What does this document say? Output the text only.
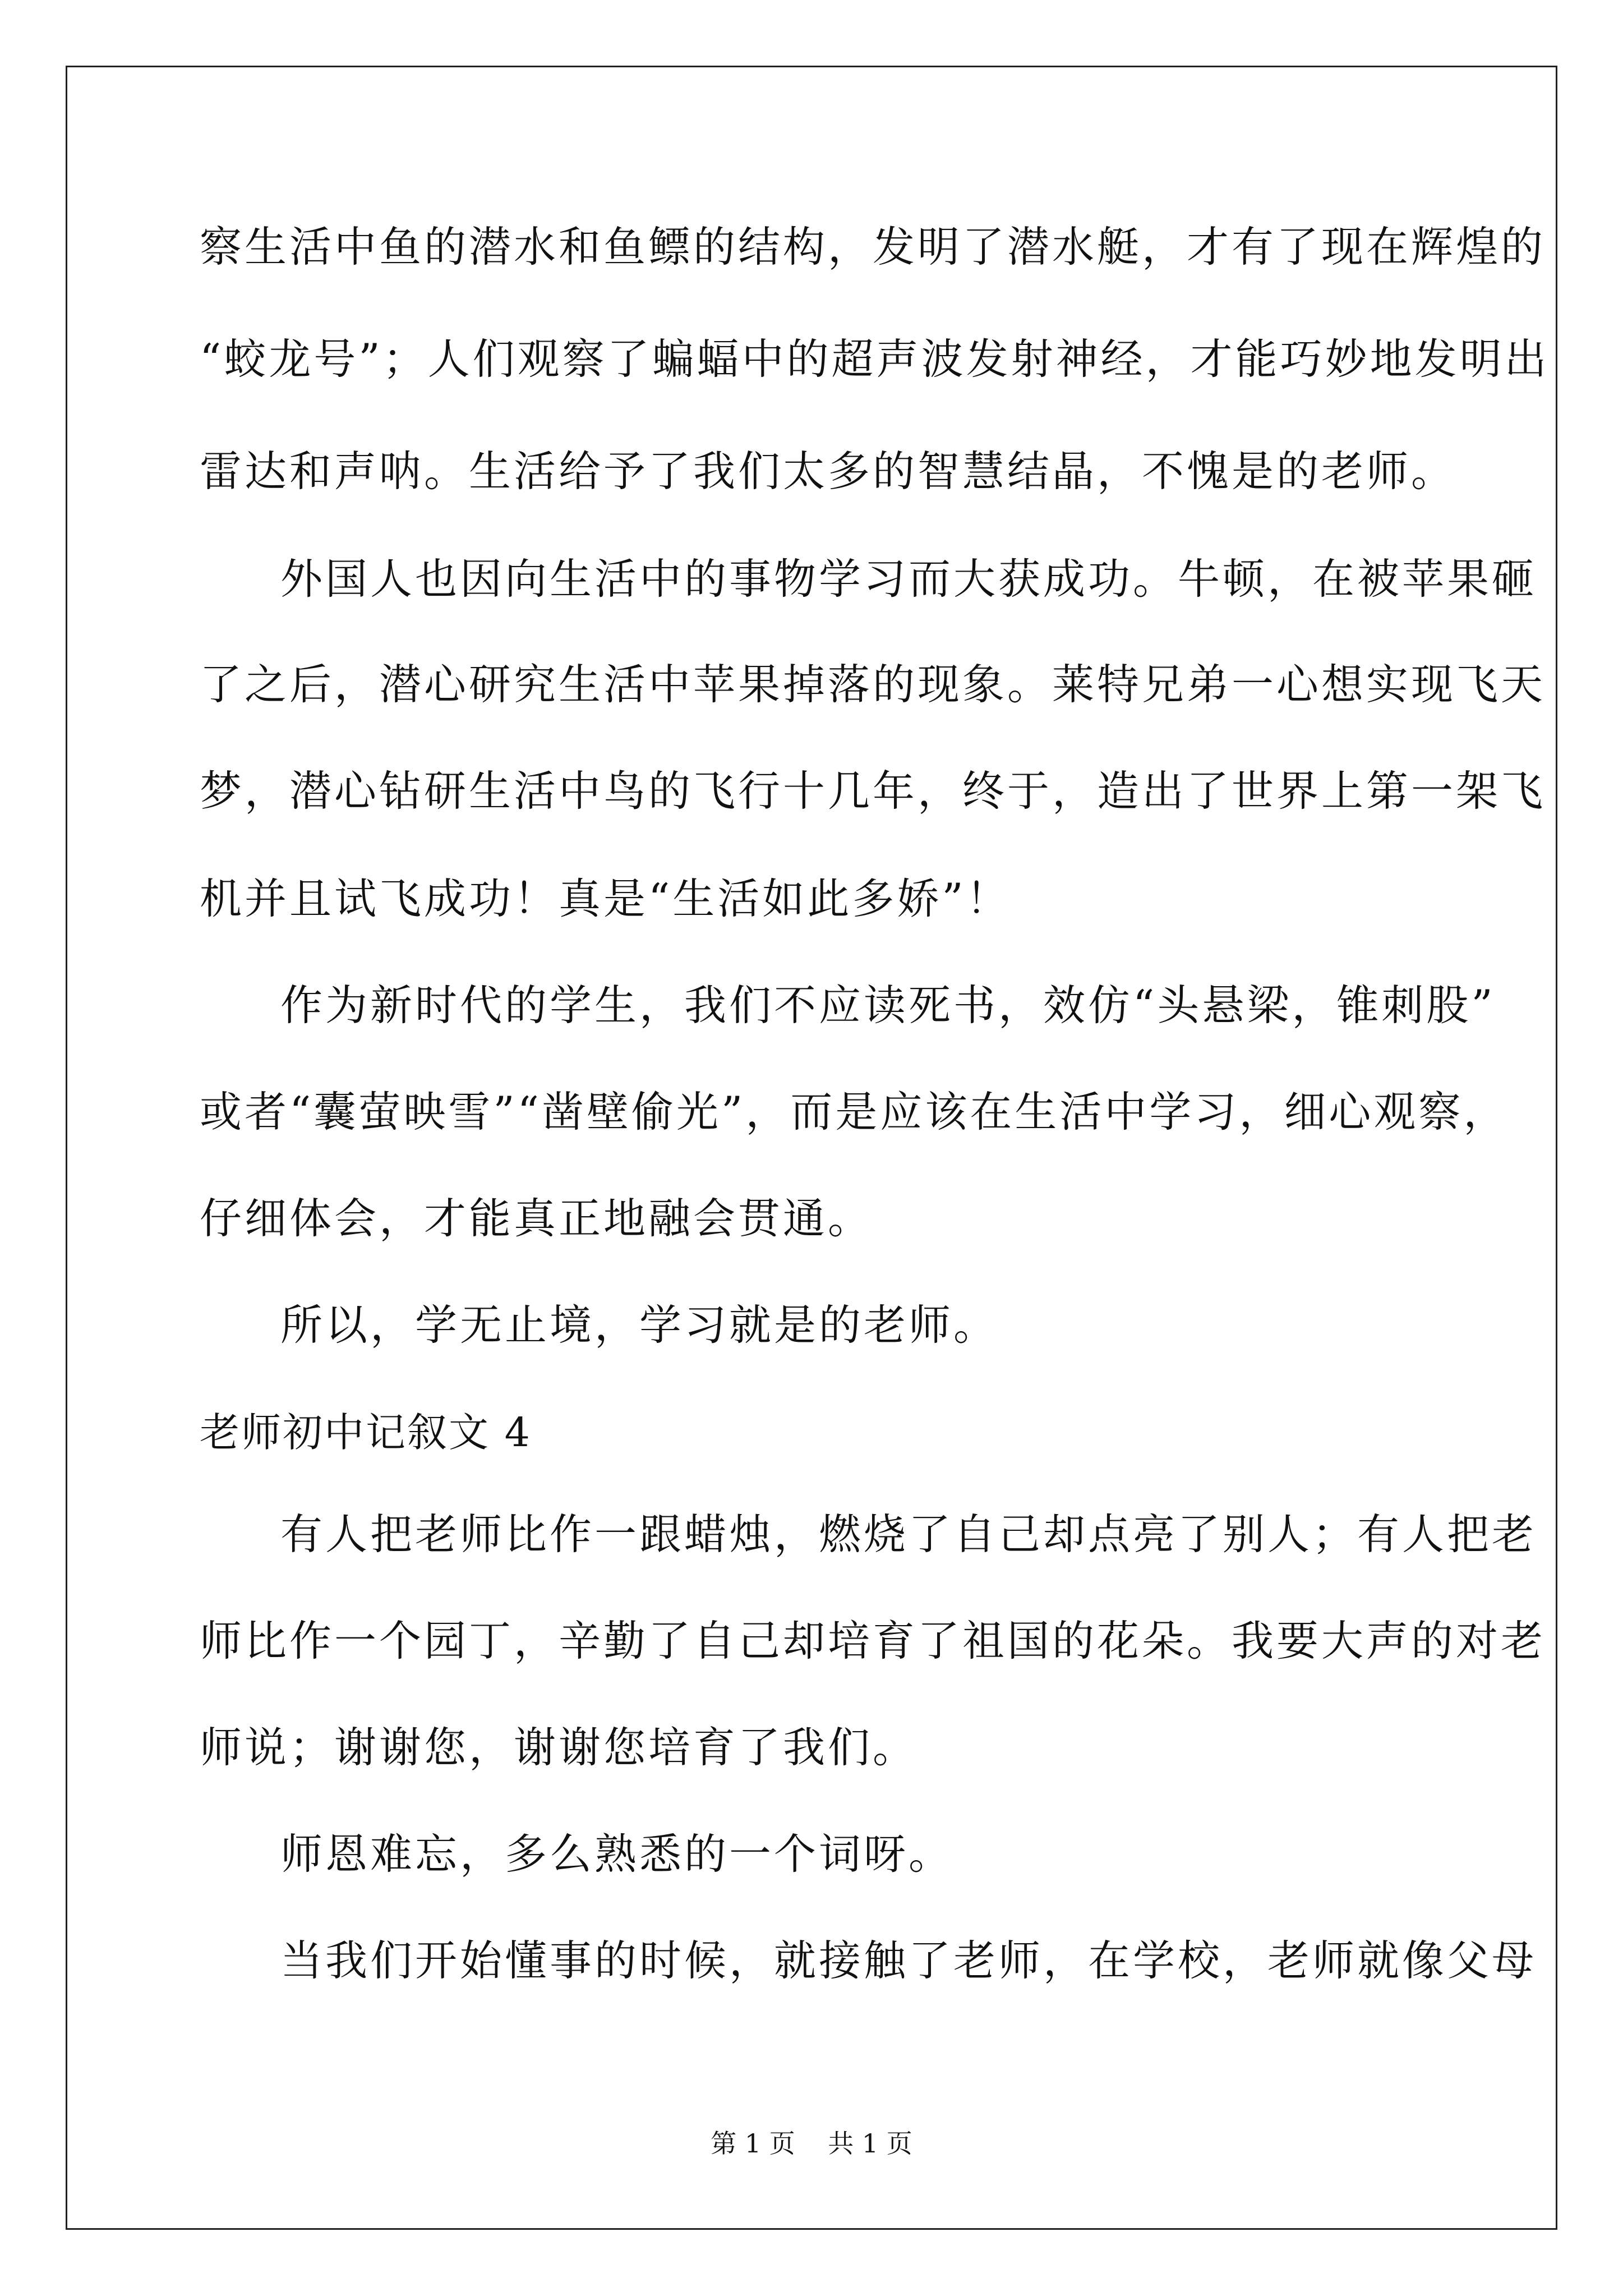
察生活中鱼的潜水和鱼鳔的结构，发明了潜水艇，才有了现在辉煌的
“蛟龙号”；人们观察了蝙蝠中的超声波发射神经，才能巧妙地发明出
雷达和声呐。生活给予了我们太多的智慧结晶，不愧是的老师。
外国人也因向生活中的事物学习而大获成功。牛顿，在被苹果砸
了之后，潜心研究生活中苹果掉落的现象。莱特兄弟一心想实现飞天
梦，潜心钻研生活中鸟的飞行十几年，终于，造出了世界上第一架飞
机并且试飞成功！真是“生活如此多娇”！
作为新时代的学生，我们不应读死书，效仿“头悬梁，锥刺股”
或者“囊萤映雪”“凿壁偷光”，而是应该在生活中学习，细心观察，
仔细体会，才能真正地融会贯通。
所以，学无止境，学习就是的老师。
老师初中记叙文 4
有人把老师比作一跟蜡烛，燃烧了自己却点亮了别人；有人把老
师比作一个园丁，辛勤了自己却培育了祖国的花朵。我要大声的对老
师说；谢谢您，谢谢您培育了我们。
师恩难忘，多么熟悉的一个词呀。
当我们开始懂事的时候，就接触了老师，在学校，老师就像父母
第 1 页    共 1 页
